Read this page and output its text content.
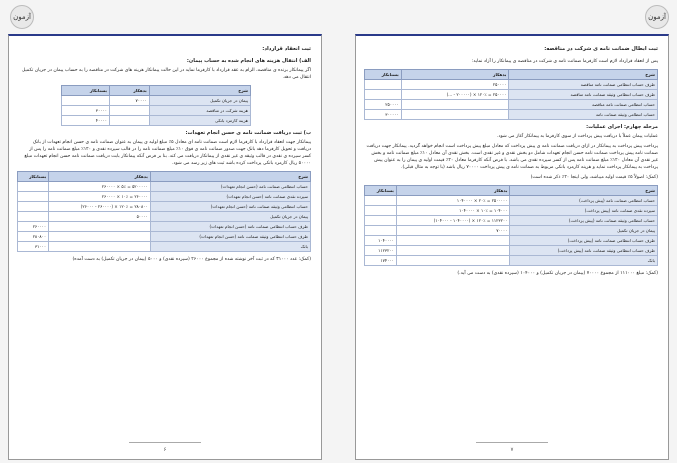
آزمون	آزمون
ثبت انعقاد قرارداد:
الف) انتقال هزینه های انجام شده به حساب پیمان:
اگر پیمانکار برنده ی مناقصه، الزام به عقد قرارداد با کارفرما نماید در این حالت پیمانکار هزینه های شرکت در مناقصه را به حساب پیمان در جریان تکمیل انتقال می دهد.
شرح	بدهکار	بستانکار
پیمان در جریان تکمیل	۷۰۰۰۰	
هزینه شرکت در مناقصه		۳۰۰۰۰
هزینه کارمزد بانکی		۴۰۰۰۰
ب) ثبت دریافت ضمانت نامه ی حسن انجام تعهدات:
پیمانکار جهت انعقاد قرارداد با کارفرما لازم است ضمانت نامه ای معادل ۵٪ مبلغ اولیه ی پیمان به عنوان ضمانت نامه ی حسن انجام تعهدات از بانک دریافت و تحویل کارفرما دهد بانک جهت صدور ضمانت نامه ی فوق ۱۰٪ مبلغ ضمانت نامه را در قالب سپرده نقدی و ۱۲۰٪ مبلغ ضمانت نامه را پس از کسر سپرده ی نقدی در قالب وثیقه ی غیر نقدی از پیمانکار دریافت می کند. بنا بر فرض آنکه پیمانکار بابت دریافت ضمانت نامه حسن انجام تعهدات مبلغ ۵۰۰۰۰ ریال کارمزد بانکی پرداخت کرده باشد ثبت های زیر رسد می شود.
شرح	بدهکار	بستانکار
حساب انتظامی ضمانت نامه (حسن انجام تعهدات)	۵۲۰۰۰۰۰ = ۵٪ × ۲۶۰۰۰۰	
سپرده نقدی ضمانت نامه (حسن انجام تعهدات)	۲۶۰۰۰۰ = ۱۰٪ × ۲۶۰۰۰۰	
حساب انتظامی وثیقه ضمانت نامه (حسن انجام تعهدات)	۲۸۰۸۰۰ = ۱۲۰٪ × (۲۶۰۰۰۰ - ۲۶۰۰۰)	
پیمان در جریان تکمیل	۵۰۰۰۰	
طرف حساب انتظامی ضمانت نامه (حسن انجام تعهدات)		۲۶۰۰۰۰
طرف حساب انتظامی وثیقه ضمانت نامه (حسن انجام تعهدات)		۲۸۰۸۰۰
بانک		۳۱۰۰۰
(کمک: عدد ۳۱۰۰۰ که در ثبت آخر نوشته شده از مجموع ۲۶۰۰۰ (سپرده نقدی) و ۵۰۰۰ (پیمان در جریان تکمیل) به دست آمده)
۶
ثبت ابطال ضمانت نامه ی شرکت در مناقصه:
پس از انعقاد قرارداد لازم است کارفرما ضمانت نامه ی شرکت در مناقصه ی پیمانکار را آزاد نماید:
شرح	بدهکار	بستانکار
طرف حساب انتظامی ضمانت نامه مناقصه	۲۵۰۰۰۰	
طرف حساب انتظامی وثیقه ضمانت نامه مناقصه	۲۵۰۰۰۰ = ۱۲۰٪ × (۲۰۰۰۰۰ - ...)	
حساب انتظامی ضمانت نامه مناقصه		۲۵۰۰۰۰
حساب انتظامی وثیقه ضمانت نامه		۳۰۰۰۰۰
مرحله چهارم: اجرای عملیات:
عملیات پیمان عملاً با دریافت پیش پرداخت از سوی کارفرما به پیمانکار آغاز می شود.
پرداخت پیش پرداخت به پیمانکار در ازای دریافت ضمانت نامه ی پیش پرداخت که معادل مبلغ پیش پرداخت است انجام خواهد گردید. پیمانکار جهت دریافت ضمانت نامه پیش پرداخت ضمانت نامه حسن انجام تعهدات شامل دو بخش نقدی و غیر نقدی است. بخش نقدی آن معادل ۱۰٪ مبلغ ضمانت نامه و بخش غیر نقدی آن معادل ۱۲۰٪ مبلغ ضمانت نامه پس از کسر سپرده نقدی می باشد. با فرض آنکه کارفرما معادل ۲۰٪ قیمت اولیه ی پیمان را به عنوان پیش پرداخت به پیمانکار پرداخت نماید و هزینه کارمزد بانکی مربوط به ضمانت نامه ی پیش پرداخت ۷۰۰۰۰ ریال باشد (با توجه به مثال قبلی).
(کمک: اصولاً ۵٪ قیمت اولیه میباشد، ولی اینجا ۲۰٪ ذکر شده است)
شرح	بدهکار	بستانکار
حساب انتظامی ضمانت نامه (پیش پرداخت)	۲۵۰۰۰۰۰ = ۲۰٪ × ۱۰۴۰۰۰۰	
سپرده نقدی ضمانت نامه (پیش پرداخت)	۱۰۴۰۰۰ = ۱۰٪ × ۱۰۴۰۰۰۰	
حساب انتظامی وثیقه ضمانت نامه (پیش پرداخت)	۱۱۲۳۲۰۰ = ۱۲۰٪ × (۱۰۴۰۰۰۰ - ۱۰۴۰۰۰)	
پیمان در جریان تکمیل	۷۰۰۰۰	
طرف حساب انتظامی ضمانت نامه (پیش پرداخت)		۱۰۴۰۰۰۰
طرف حساب انتظامی وثیقه ضمانت نامه (پیش پرداخت)		۱۱۲۳۲۰۰
بانک		۱۷۴۰۰۰
(کمک: مبلغ ۱۱۱۰۰۰ از مجموع ۷۰۰۰۰ (پیمان در جریان تکمیل) و ۱۰۴۰۰۰ (سپرده نقدی) به دست می آید.)
۷
